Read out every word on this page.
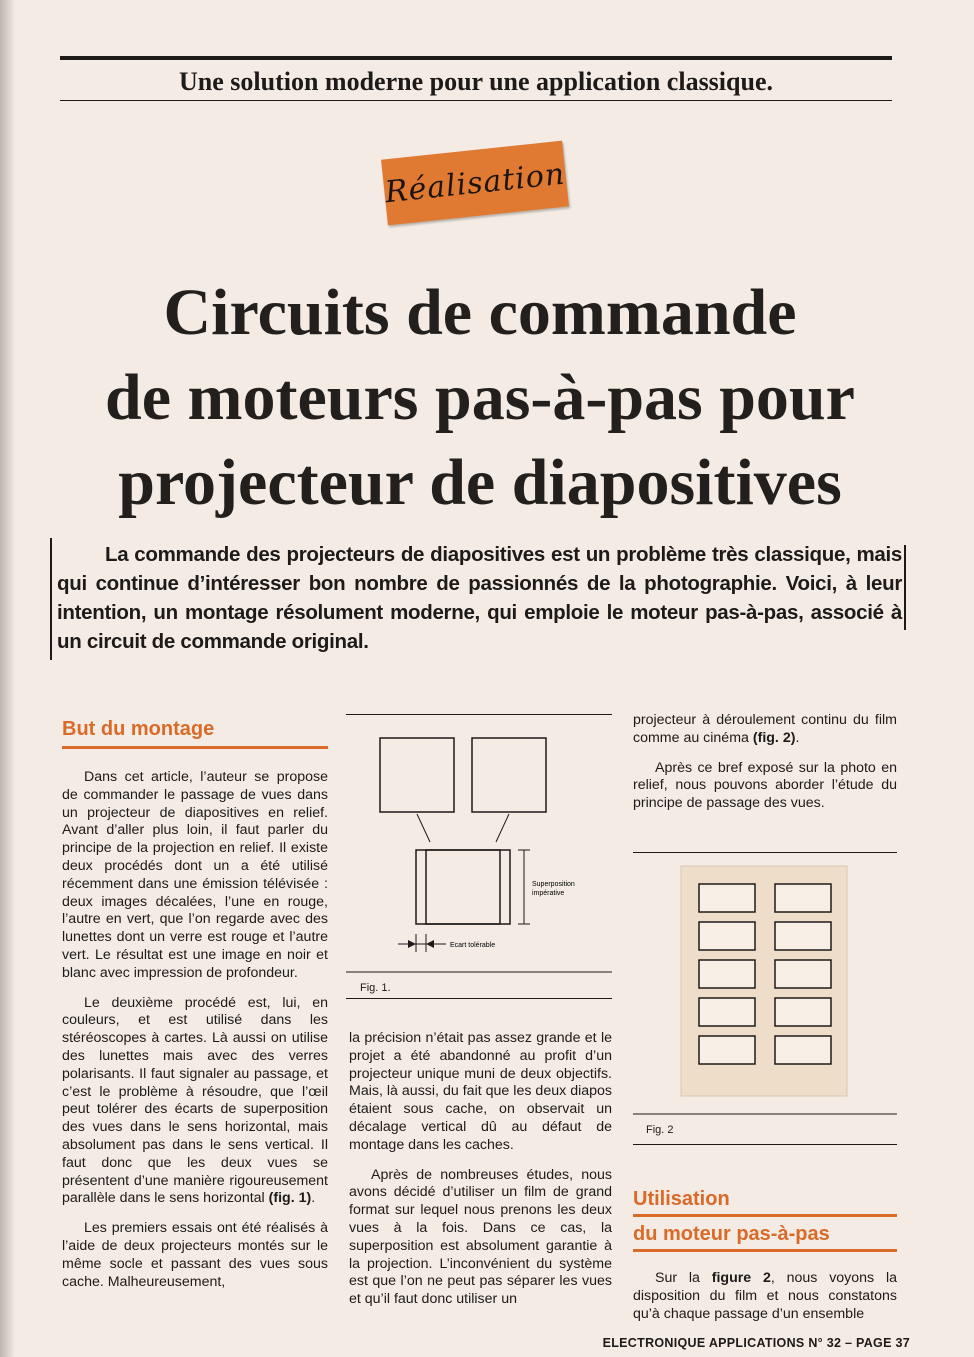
Une solution moderne pour une application classique.
Réalisation
Circuits de commande
de moteurs pas-à-pas pour
projecteur de diapositives

La commande des projecteurs de diapositives est un problème très classique, mais qui continue d’intéresser bon nombre de passionnés de la photographie. Voici, à leur intention, un montage résolument moderne, qui emploie le moteur pas-à-pas, associé à un circuit de commande original.

But du montage

Dans cet article, l’auteur se propose de commander le passage de vues dans un projecteur de diapositives en relief. Avant d’aller plus loin, il faut parler du principe de la projection en relief. Il existe deux procédés dont un a été utilisé récemment dans une émission télévisée : deux images décalées, l’une en rouge, l’autre en vert, que l’on regarde avec des lunettes dont un verre est rouge et l’autre vert. Le résultat est une image en noir et blanc avec impression de profondeur.

Le deuxième procédé est, lui, en couleurs, et est utilisé dans les stéréoscopes à cartes. Là aussi on utilise des lunettes mais avec des verres polarisants. Il faut signaler au passage, et c’est le problème à résoudre, que l’œil peut tolérer des écarts de superposition des vues dans le sens horizontal, mais absolument pas dans le sens vertical. Il faut donc que les deux vues se présentent d’une manière rigoureusement parallèle dans le sens horizontal (fig. 1).

Les premiers essais ont été réalisés à l’aide de deux projecteurs montés sur le même socle et passant des vues sous cache. Malheureusement,

Superposition
impérative
Ecart tolérable
Fig. 1.

la précision n’était pas assez grande et le projet a été abandonné au profit d’un projecteur unique muni de deux objectifs. Mais, là aussi, du fait que les deux diapos étaient sous cache, on observait un décalage vertical dû au défaut de montage dans les caches.

Après de nombreuses études, nous avons décidé d’utiliser un film de grand format sur lequel nous prenons les deux vues à la fois. Dans ce cas, la superposition est absolument garantie à la projection. L’inconvénient du système est que l’on ne peut pas séparer les vues et qu’il faut donc utiliser un

projecteur à déroulement continu du film comme au cinéma (fig. 2).

Après ce bref exposé sur la photo en relief, nous pouvons aborder l’étude du principe de passage des vues.

Fig. 2
Utilisation
du moteur pas-à-pas

Sur la figure 2, nous voyons la disposition du film et nous constatons qu’à chaque passage d’un ensemble

ELECTRONIQUE APPLICATIONS N° 32 – PAGE 37
